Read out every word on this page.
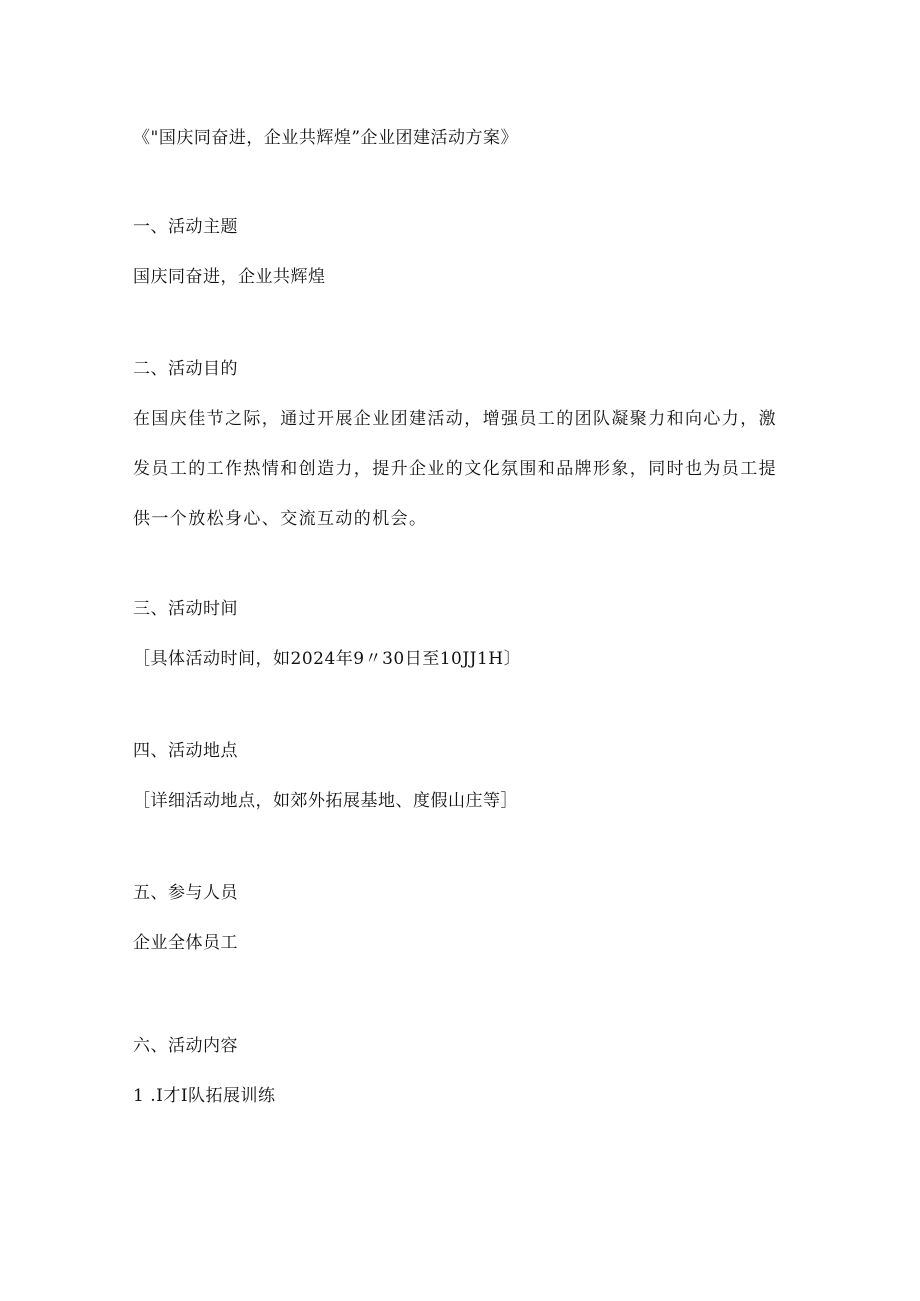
《"国庆同奋进，企业共辉煌”企业团建活动方案》
一、活动主题
国庆同奋进，企业共辉煌
二、活动目的
在国庆佳节之际，通过开展企业团建活动，增强员工的团队凝聚力和向心力，激
发员工的工作热情和创造力，提升企业的文化氛围和品牌形象，同时也为员工提
供一个放松身心、交流互动的机会。
三、活动时间
［具体活动时间，如2024年9〃30日至10JJ1H〕
四、活动地点
［详细活动地点，如郊外拓展基地、度假山庄等］
五、参与人员
企业全体员工
六、活动内容
1 .I才I队拓展训练
